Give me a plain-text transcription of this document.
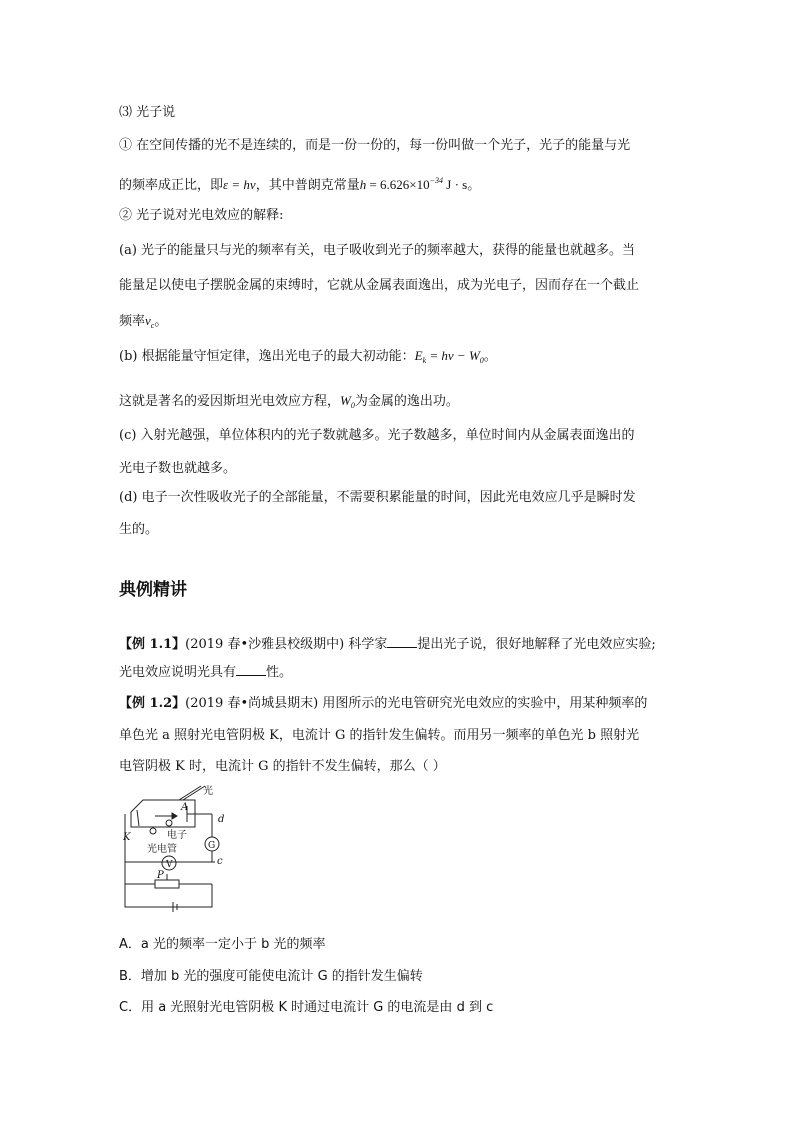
⑶ 光子说
① 在空间传播的光不是连续的，而是一份一份的，每一份叫做一个光子，光子的能量与光
的频率成正比，即ε = hν，其中普朗克常量$h = 6.626\times 10^{-34}$ J · s。
② 光子说对光电效应的解释:
(a) 光子的能量只与光的频率有关，电子吸收到光子的频率越大，获得的能量也就越多。当
能量足以使电子摆脱金属的束缚时，它就从金属表面逸出，成为光电子，因而存在一个截止
频率$\nu_c$。
(b) 根据能量守恒定律，逸出光电子的最大初动能：$E_k = h\nu - W_0$。
这就是著名的爱因斯坦光电效应方程，$W_0$为金属的逸出功。
(c) 入射光越强，单位体积内的光子数就越多。光子数越多，单位时间内从金属表面逸出的
光电子数也就越多。
(d) 电子一次性吸收光子的全部能量，不需要积累能量的时间，因此光电效应几乎是瞬时发
生的。
典例精讲
【例 1.1】(2019 春•沙雅县校级期中) 科学家 提出光子说，很好地解释了光电效应实验;
光电效应说明光具有 性。
【例 1.2】(2019 春•尚城县期末) 用图所示的光电管研究光电效应的实验中，用某种频率的
单色光 a 照射光电管阴极 K，电流计 G 的指针发生偏转。而用另一频率的单色光 b 照射光
电管阴极 K 时，电流计 G 的指针不发生偏转，那么（ ）
光
A
电子
K
光电管	G
d
c
V
P
A．a 光的频率一定小于 b 光的频率
B．增加 b 光的强度可能使电流计 G 的指针发生偏转
C．用 a 光照射光电管阴极 K 时通过电流计 G 的电流是由 d 到 c
